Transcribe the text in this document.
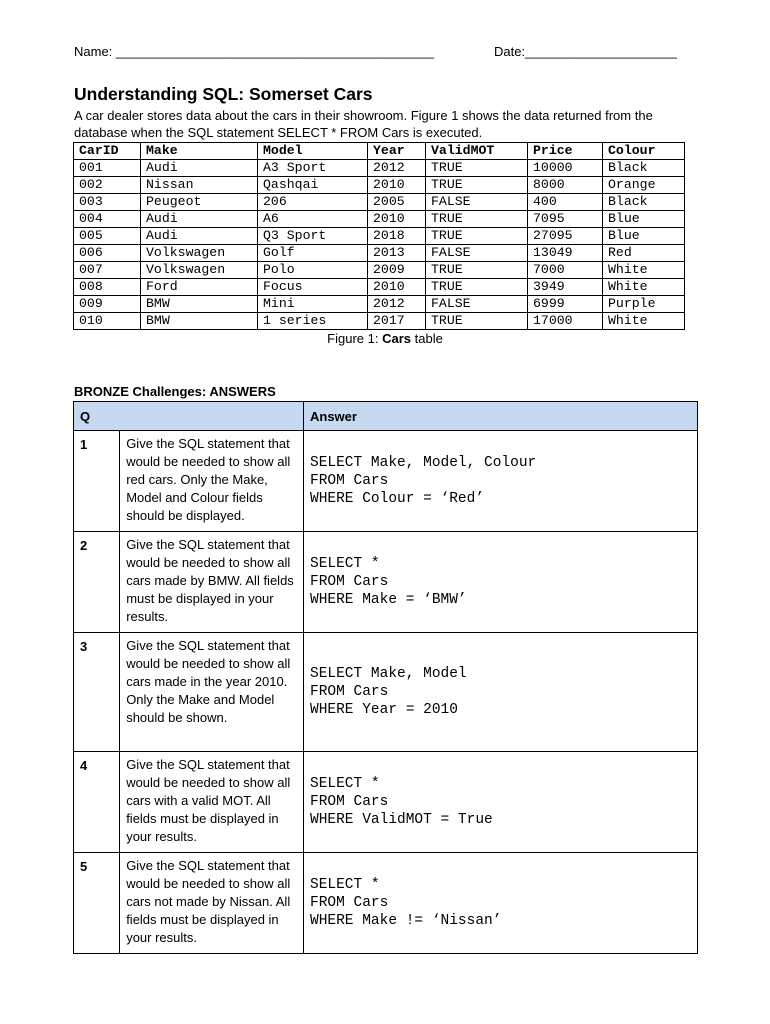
Name: ____________________________________________	Date:_____________________
Understanding SQL: Somerset Cars
A car dealer stores data about the cars in their showroom. Figure 1 shows the data returned from the database when the SQL statement SELECT * FROM Cars is executed.
CarID	Make	Model	Year	ValidMOT	Price	Colour
001	Audi	A3 Sport	2012	TRUE	10000	Black
002	Nissan	Qashqai	2010	TRUE	8000	Orange
003	Peugeot	206	2005	FALSE	400	Black
004	Audi	A6	2010	TRUE	7095	Blue
005	Audi	Q3 Sport	2018	TRUE	27095	Blue
006	Volkswagen	Golf	2013	FALSE	13049	Red
007	Volkswagen	Polo	2009	TRUE	7000	White
008	Ford	Focus	2010	TRUE	3949	White
009	BMW	Mini	2012	FALSE	6999	Purple
010	BMW	1 series	2017	TRUE	17000	White
Figure 1: Cars table
BRONZE Challenges: ANSWERS
Q		Answer
1	Give the SQL statement that would be needed to show all red cars. Only the Make, Model and Colour fields should be displayed.	SELECT Make, Model, Colour
FROM Cars
WHERE Colour = ‘Red’
2	Give the SQL statement that would be needed to show all cars made by BMW. All fields must be displayed in your results.	SELECT *
FROM Cars
WHERE Make = ‘BMW’
3	Give the SQL statement that would be needed to show all cars made in the year 2010. Only the Make and Model should be shown.	SELECT Make, Model
FROM Cars
WHERE Year = 2010
4	Give the SQL statement that would be needed to show all cars with a valid MOT. All fields must be displayed in your results.	SELECT *
FROM Cars
WHERE ValidMOT = True
5	Give the SQL statement that would be needed to show all cars not made by Nissan. All fields must be displayed in your results.	SELECT *
FROM Cars
WHERE Make != ‘Nissan’
